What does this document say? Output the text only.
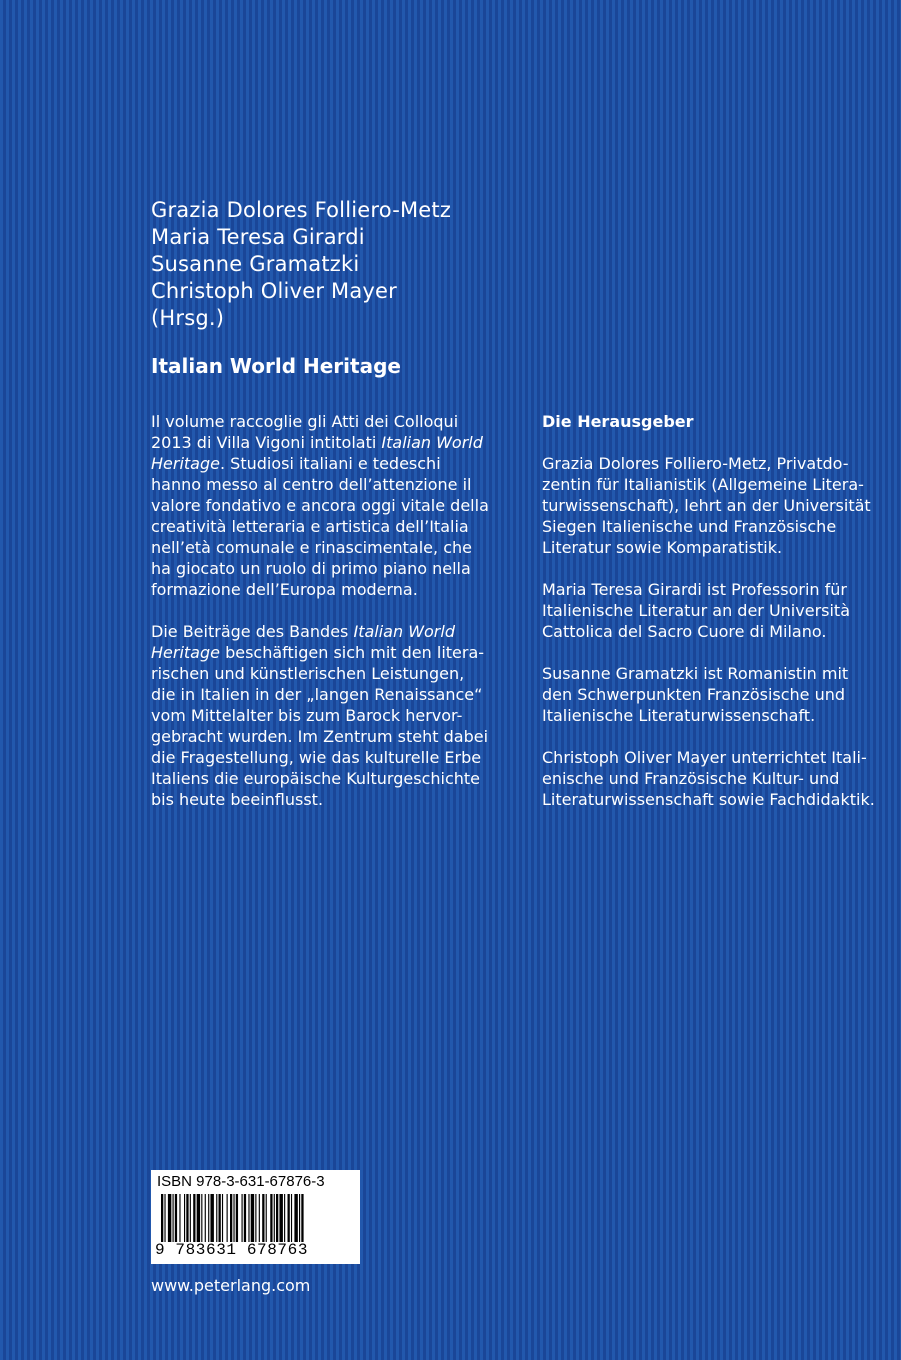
Grazia Dolores Folliero-Metz
Maria Teresa Girardi
Susanne Gramatzki
Christoph Oliver Mayer
(Hrsg.)
Italian World Heritage

Il volume raccoglie gli Atti dei Colloqui
2013 di Villa Vigoni intitolati Italian World
Heritage. Studiosi italiani e tedeschi
hanno messo al centro dell’attenzione il
valore fondativo e ancora oggi vitale della
creatività letteraria e artistica dell’Italia
nell’età comunale e rinascimentale, che
ha giocato un ruolo di primo piano nella
formazione dell’Europa moderna.

Die Beiträge des Bandes Italian World
Heritage beschäftigen sich mit den litera-
rischen und künstlerischen Leistungen,
die in Italien in der „langen Renaissance“
vom Mittelalter bis zum Barock hervor-
gebracht wurden. Im Zentrum steht dabei
die Fragestellung, wie das kulturelle Erbe
Italiens die europäische Kulturgeschichte
bis heute beeinflusst.

Die Herausgeber

Grazia Dolores Folliero-Metz, Privatdo-
zentin für Italianistik (Allgemeine Litera-
turwissenschaft), lehrt an der Universität
Siegen Italienische und Französische
Literatur sowie Komparatistik.

Maria Teresa Girardi ist Professorin für
Italienische Literatur an der Università
Cattolica del Sacro Cuore di Milano.

Susanne Gramatzki ist Romanistin mit
den Schwerpunkten Französische und
Italienische Literaturwissenschaft.

Christoph Oliver Mayer unterrichtet Itali-
enische und Französische Kultur- und
Literaturwissenschaft sowie Fachdidaktik.

ISBN 978-3-631-67876-3
9 783631 678763
www.peterlang.com
